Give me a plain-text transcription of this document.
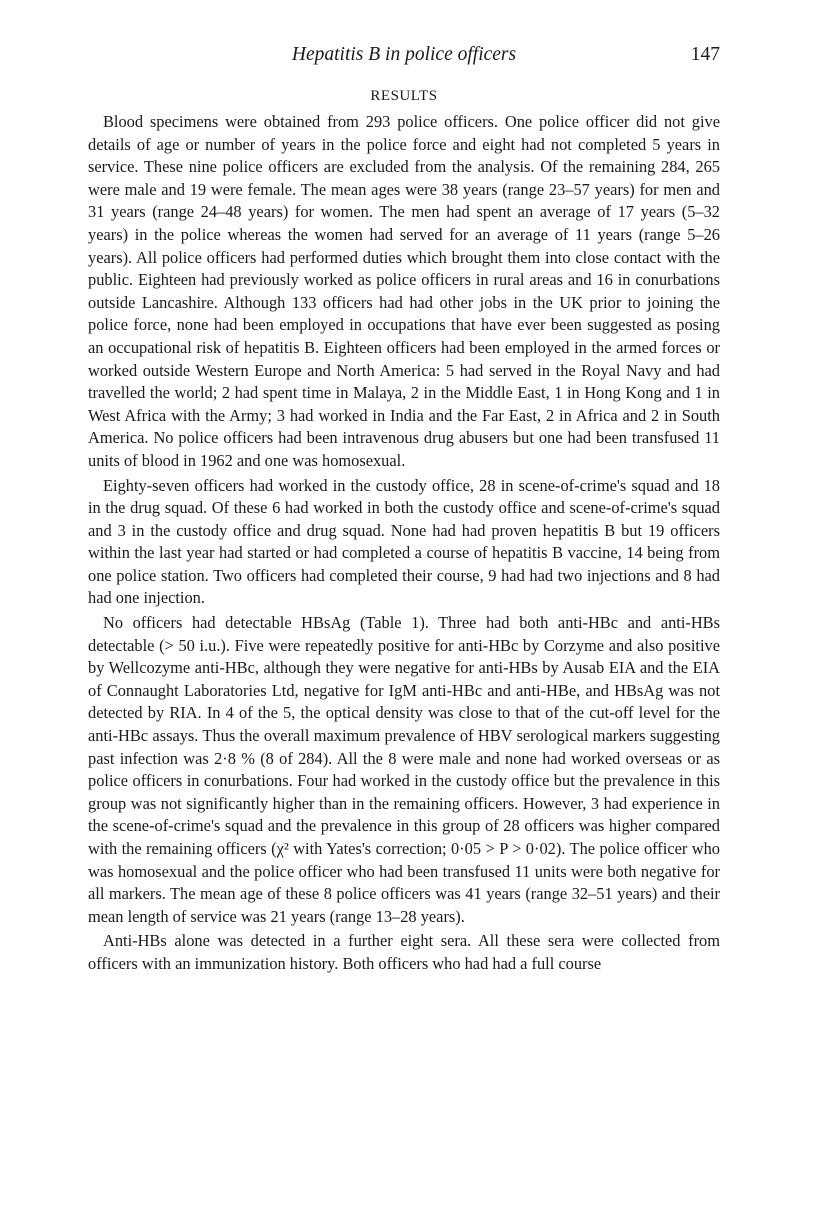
Hepatitis B in police officers	147
RESULTS

Blood specimens were obtained from 293 police officers. One police officer did not give details of age or number of years in the police force and eight had not completed 5 years in service. These nine police officers are excluded from the analysis. Of the remaining 284, 265 were male and 19 were female. The mean ages were 38 years (range 23–57 years) for men and 31 years (range 24–48 years) for women. The men had spent an average of 17 years (5–32 years) in the police whereas the women had served for an average of 11 years (range 5–26 years). All police officers had performed duties which brought them into close contact with the public. Eighteen had previously worked as police officers in rural areas and 16 in conurbations outside Lancashire. Although 133 officers had had other jobs in the UK prior to joining the police force, none had been employed in occupations that have ever been suggested as posing an occupational risk of hepatitis B. Eighteen officers had been employed in the armed forces or worked outside Western Europe and North America: 5 had served in the Royal Navy and had travelled the world; 2 had spent time in Malaya, 2 in the Middle East, 1 in Hong Kong and 1 in West Africa with the Army; 3 had worked in India and the Far East, 2 in Africa and 2 in South America. No police officers had been intravenous drug abusers but one had been transfused 11 units of blood in 1962 and one was homosexual.

Eighty-seven officers had worked in the custody office, 28 in scene-of-crime's squad and 18 in the drug squad. Of these 6 had worked in both the custody office and scene-of-crime's squad and 3 in the custody office and drug squad. None had had proven hepatitis B but 19 officers within the last year had started or had completed a course of hepatitis B vaccine, 14 being from one police station. Two officers had completed their course, 9 had had two injections and 8 had had one injection.

No officers had detectable HBsAg (Table 1). Three had both anti-HBc and anti-HBs detectable (> 50 i.u.). Five were repeatedly positive for anti-HBc by Corzyme and also positive by Wellcozyme anti-HBc, although they were negative for anti-HBs by Ausab EIA and the EIA of Connaught Laboratories Ltd, negative for IgM anti-HBc and anti-HBe, and HBsAg was not detected by RIA. In 4 of the 5, the optical density was close to that of the cut-off level for the anti-HBc assays. Thus the overall maximum prevalence of HBV serological markers suggesting past infection was 2·8 % (8 of 284). All the 8 were male and none had worked overseas or as police officers in conurbations. Four had worked in the custody office but the prevalence in this group was not significantly higher than in the remaining officers. However, 3 had experience in the scene-of-crime's squad and the prevalence in this group of 28 officers was higher compared with the remaining officers (χ² with Yates's correction; 0·05 > P > 0·02). The police officer who was homosexual and the police officer who had been transfused 11 units were both negative for all markers. The mean age of these 8 police officers was 41 years (range 32–51 years) and their mean length of service was 21 years (range 13–28 years).

Anti-HBs alone was detected in a further eight sera. All these sera were collected from officers with an immunization history. Both officers who had had a full course
